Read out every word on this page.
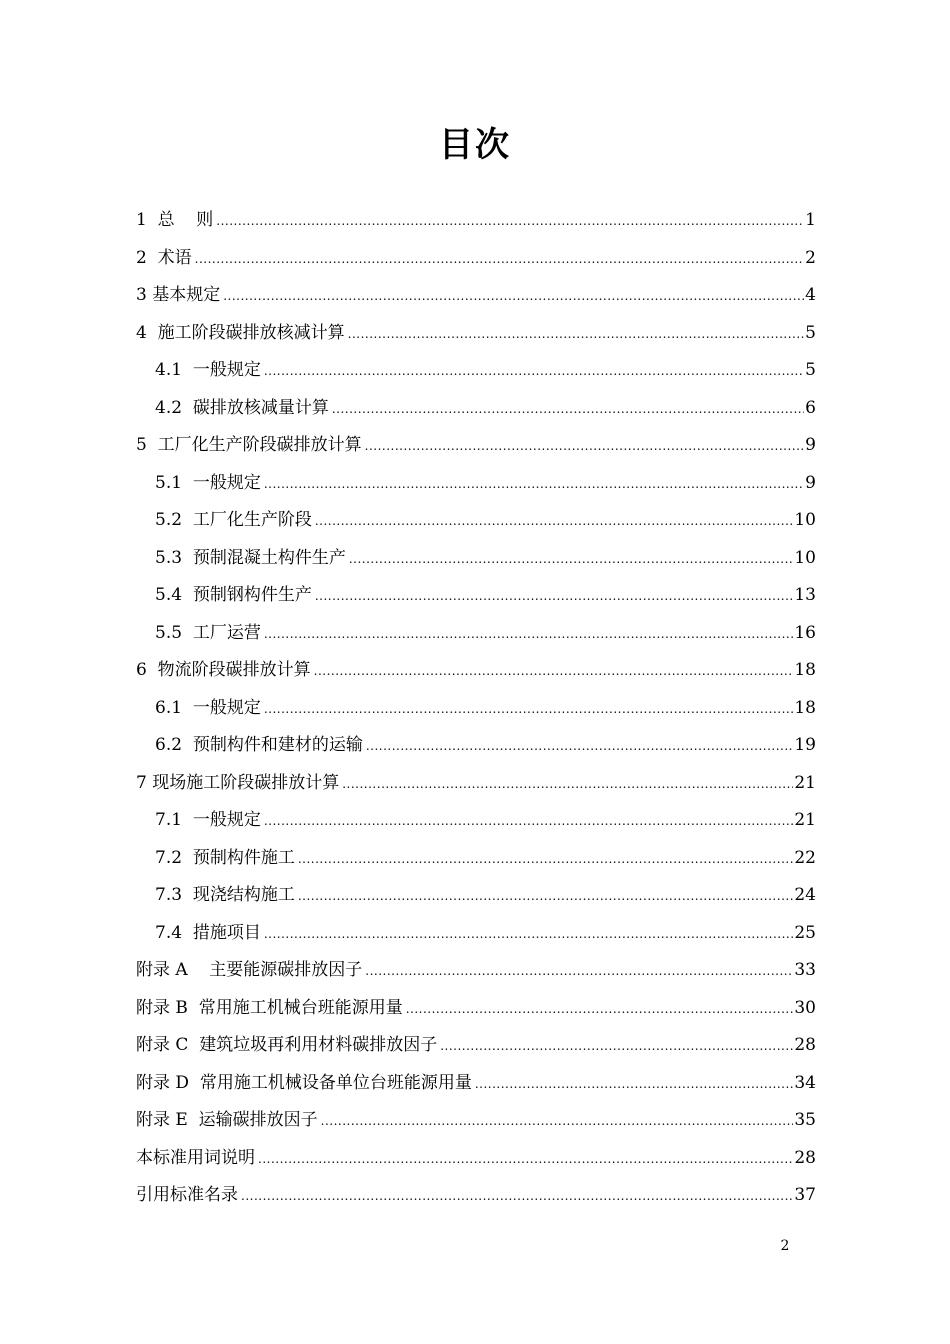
目次
1  总    则 .....	1
2  术语 .....	2
3 基本规定 .....	4
4  施工阶段碳排放核减计算 .....	5
4.1  一般规定 .....	5
4.2  碳排放核减量计算 .....	6
5  工厂化生产阶段碳排放计算 .....	9
5.1  一般规定 .....	9
5.2  工厂化生产阶段 .....	10
5.3  预制混凝土构件生产 .....	10
5.4  预制钢构件生产 .....	13
5.5  工厂运营 .....	16
6  物流阶段碳排放计算 .....	18
6.1  一般规定 .....	18
6.2  预制构件和建材的运输 .....	19
7 现场施工阶段碳排放计算 .....	21
7.1  一般规定 .....	21
7.2  预制构件施工 .....	22
7.3  现浇结构施工 .....	24
7.4  措施项目 .....	25
附录 A    主要能源碳排放因子 .....	33
附录 B  常用施工机械台班能源用量 .....	30
附录 C  建筑垃圾再利用材料碳排放因子 .....	28
附录 D  常用施工机械设备单位台班能源用量 .....	34
附录 E  运输碳排放因子 .....	35
本标准用词说明 .....	28
引用标准名录 .....	37
2
